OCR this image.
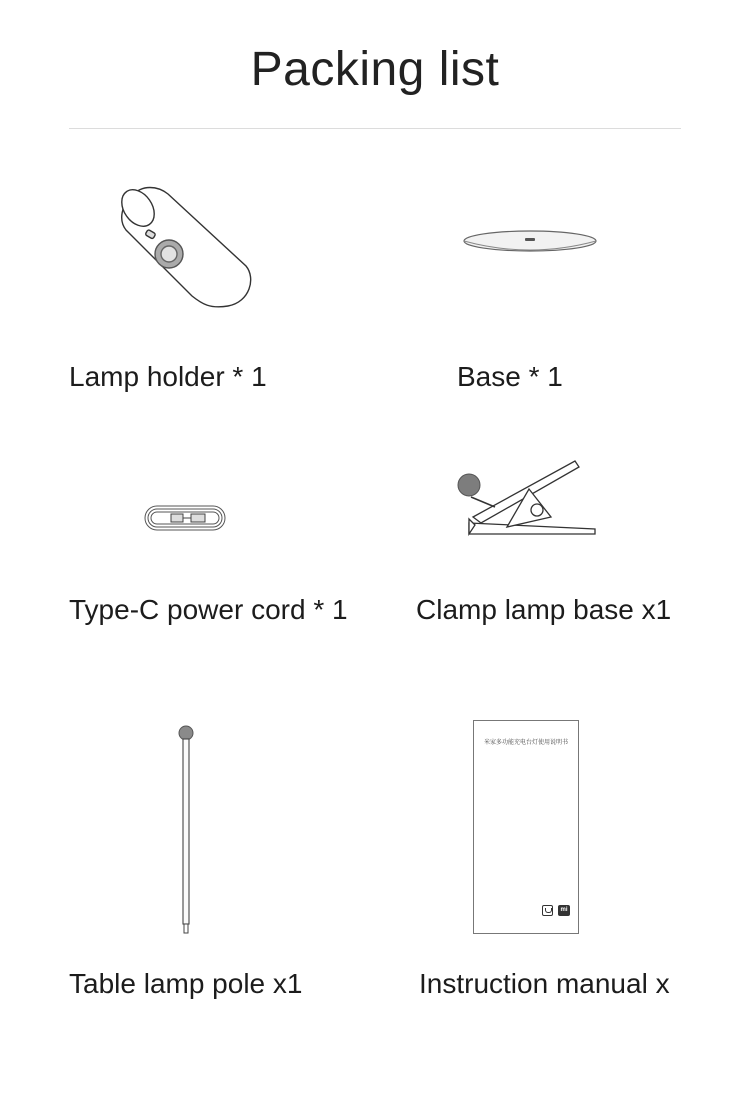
Packing list
米家多功能充电台灯使用说明书
mi
Lamp holder * 1	Base * 1
Type-C power cord * 1 Clamp lamp base x1
Table lamp pole x1	Instruction manual x
